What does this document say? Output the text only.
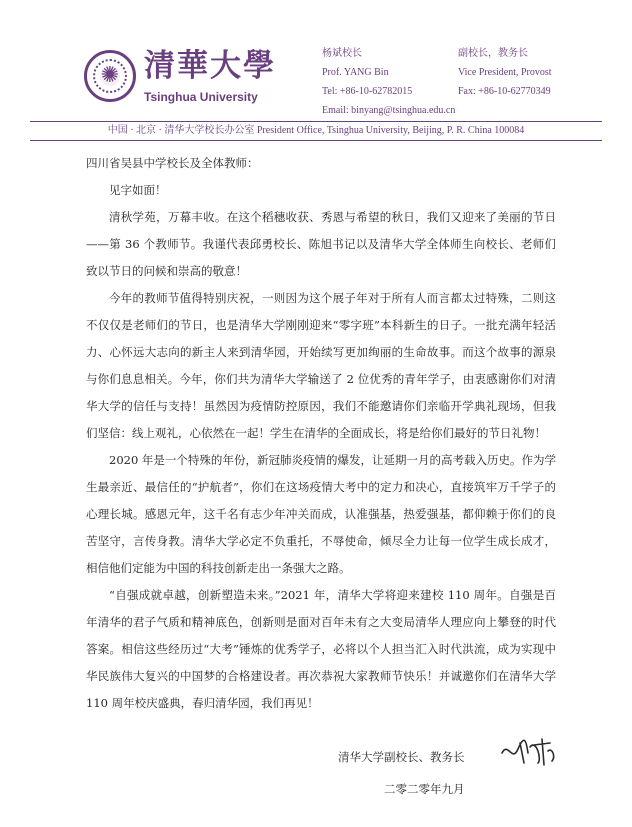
✺
清華大學
Tsinghua University
杨斌校长
Prof. YANG Bin
Tel: +86-10-62782015
Email: binyang@tsinghua.edu.cn
副校长，教务长
Vice President, Provost
Fax: +86-10-62770349
中国 · 北京 · 清华大学校长办公室 President Office, Tsinghua University, Beijing, P. R. China 100084

四川省吴县中学校长及全体教师：

见字如面！

清秋学苑，万幕丰收。在这个稻穗收获、秀恩与希望的秋日，我们又迎来了美丽的节日——第 36 个教师节。我谨代表邱勇校长、陈旭书记以及清华大学全体师生向校长、老师们致以节日的问候和崇高的敬意！

今年的教师节值得特别庆祝，一则因为这个展子年对于所有人而言都太过特殊，二则这不仅仅是老师们的节日，也是清华大学刚刚迎来“零字班”本科新生的日子。一批充满年轻活力、心怀远大志向的新主人来到清华园，开始续写更加绚丽的生命故事。而这个故事的源泉与你们息息相关。今年，你们共为清华大学输送了 2 位优秀的青年学子，由衷感谢你们对清华大学的信任与支持！虽然因为疫情防控原因，我们不能邀请你们亲临开学典礼现场，但我们坚信：线上观礼，心依然在一起！学生在清华的全面成长，将是给你们最好的节日礼物！

2020 年是一个特殊的年份，新冠肺炎疫情的爆发，让延期一月的高考载入历史。作为学生最亲近、最信任的“护航者”，你们在这场疫情大考中的定力和决心，直接筑牢万千学子的心理长城。感恩元年，这千名有志少年冲关而成，认准强基，热爱强基，都仰赖于你们的良苦坚守，言传身教。清华大学必定不负重托，不辱使命，倾尽全力让每一位学生成长成才，相信他们定能为中国的科技创新走出一条强大之路。

“自强成就卓越，创新塑造未来。”2021 年，清华大学将迎来建校 110 周年。自强是百年清华的君子气质和精神底色，创新则是面对百年未有之大变局清华人理应向上攀登的时代答案。相信这些经历过“大考”锤炼的优秀学子，必将以个人担当汇入时代洪流，成为实现中华民族伟大复兴的中国梦的合格建设者。再次恭祝大家教师节快乐！并诚邀你们在清华大学 110 周年校庆盛典，春归清华园，我们再见！

清华大学副校长、教务长
二零二零年九月
